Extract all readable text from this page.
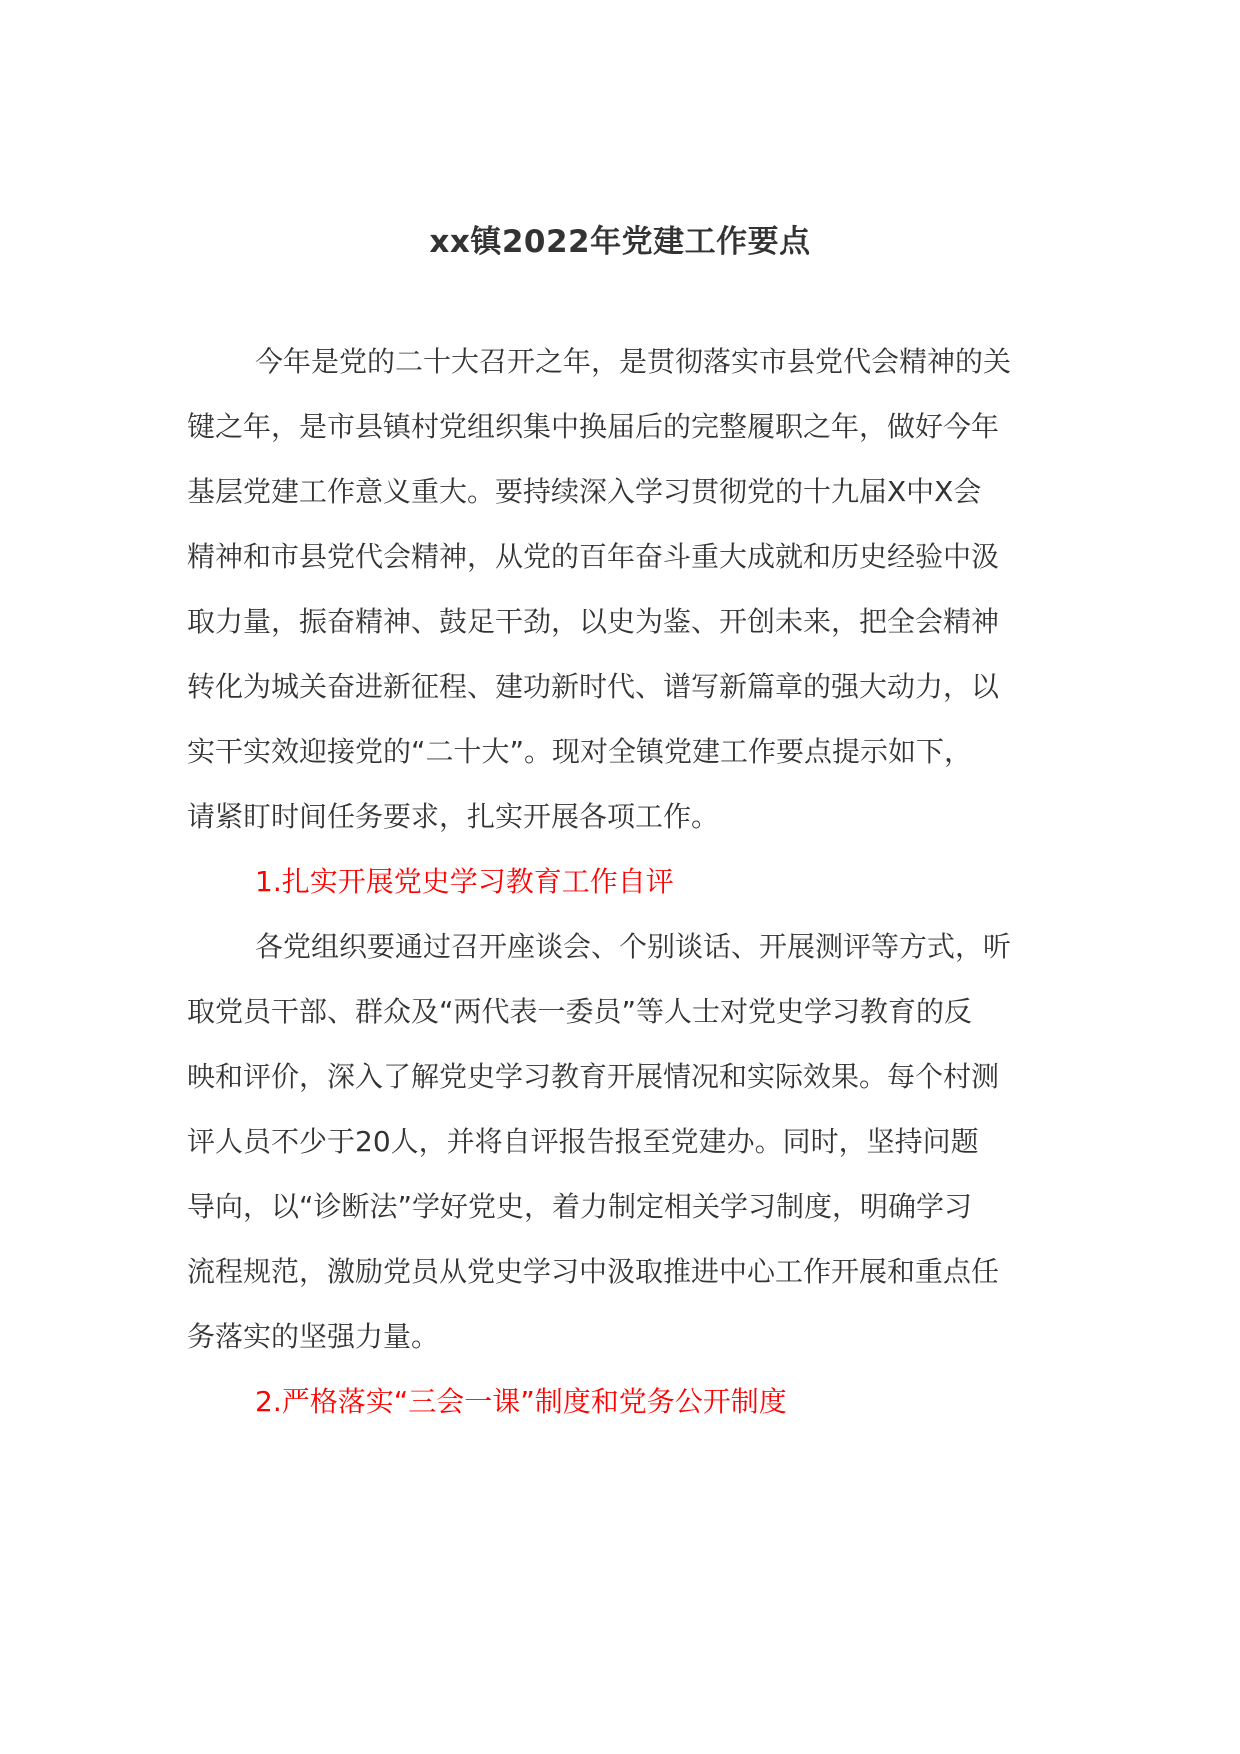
xx镇2022年党建工作要点
今年是党的二十大召开之年，是贯彻落实市县党代会精神的关
键之年，是市县镇村党组织集中换届后的完整履职之年，做好今年
基层党建工作意义重大。要持续深入学习贯彻党的十九届X中X会
精神和市县党代会精神，从党的百年奋斗重大成就和历史经验中汲
取力量，振奋精神、鼓足干劲，以史为鉴、开创未来，把全会精神
转化为城关奋进新征程、建功新时代、谱写新篇章的强大动力，以
实干实效迎接党的“二十大”。现对全镇党建工作要点提示如下，
请紧盯时间任务要求，扎实开展各项工作。
1.扎实开展党史学习教育工作自评
各党组织要通过召开座谈会、个别谈话、开展测评等方式，听
取党员干部、群众及“两代表一委员”等人士对党史学习教育的反
映和评价，深入了解党史学习教育开展情况和实际效果。每个村测
评人员不少于20人，并将自评报告报至党建办。同时，坚持问题
导向，以“诊断法”学好党史，着力制定相关学习制度，明确学习
流程规范，激励党员从党史学习中汲取推进中心工作开展和重点任
务落实的坚强力量。
2.严格落实“三会一课”制度和党务公开制度
